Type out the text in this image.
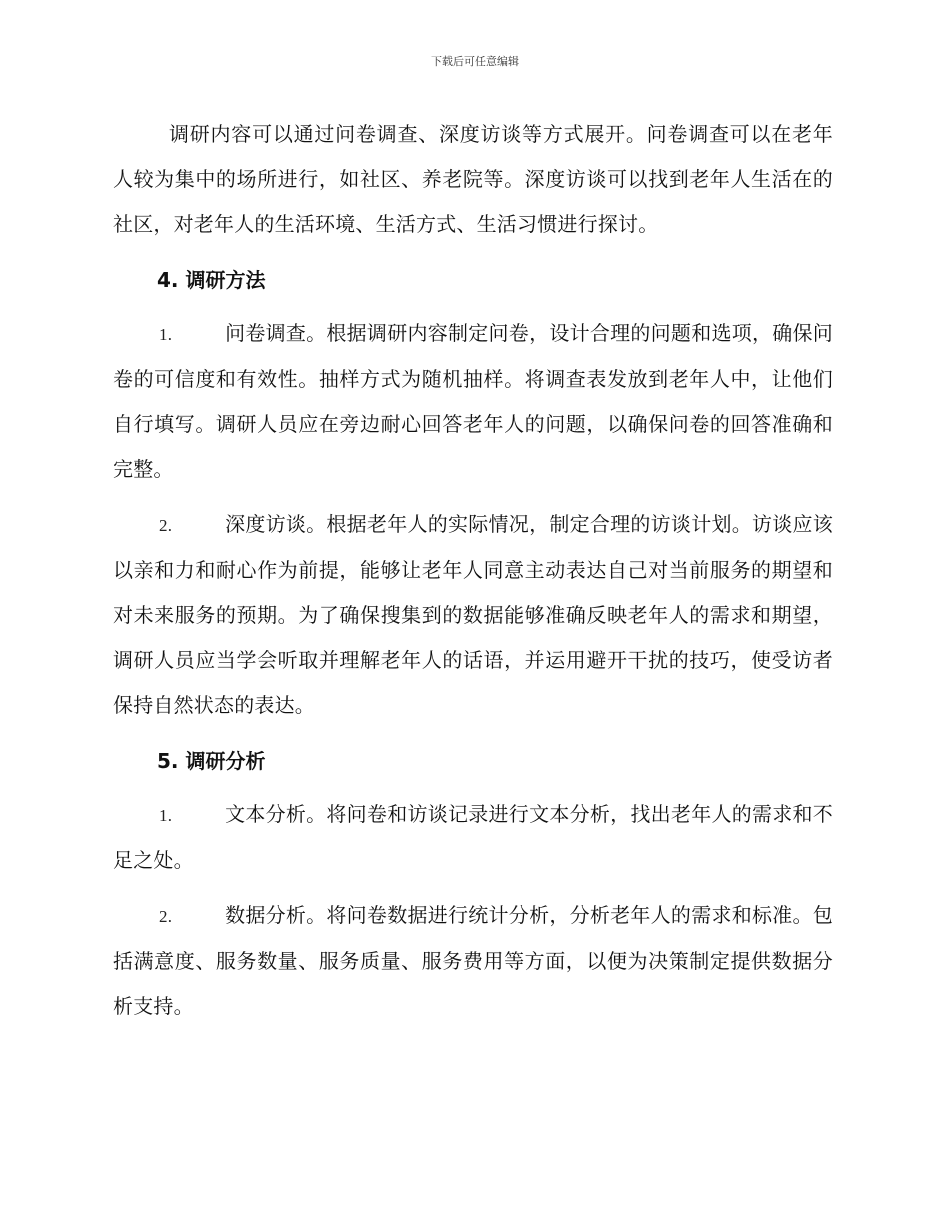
下载后可任意编辑

调研内容可以通过问卷调查、深度访谈等方式展开。问卷调查可以在老年人较为集中的场所进行，如社区、养老院等。深度访谈可以找到老年人生活在的社区，对老年人的生活环境、生活方式、生活习惯进行探讨。

4. 调研方法

1.	问卷调查。根据调研内容制定问卷，设计合理的问题和选项，确保问卷的可信度和有效性。抽样方式为随机抽样。将调查表发放到老年人中，让他们自行填写。调研人员应在旁边耐心回答老年人的问题，以确保问卷的回答准确和完整。

2.	深度访谈。根据老年人的实际情况，制定合理的访谈计划。访谈应该以亲和力和耐心作为前提，能够让老年人同意主动表达自己对当前服务的期望和对未来服务的预期。为了确保搜集到的数据能够准确反映老年人的需求和期望，调研人员应当学会听取并理解老年人的话语，并运用避开干扰的技巧，使受访者保持自然状态的表达。

5. 调研分析

1.	文本分析。将问卷和访谈记录进行文本分析，找出老年人的需求和不足之处。

2.	数据分析。将问卷数据进行统计分析，分析老年人的需求和标准。包括满意度、服务数量、服务质量、服务费用等方面，以便为决策制定提供数据分析支持。
